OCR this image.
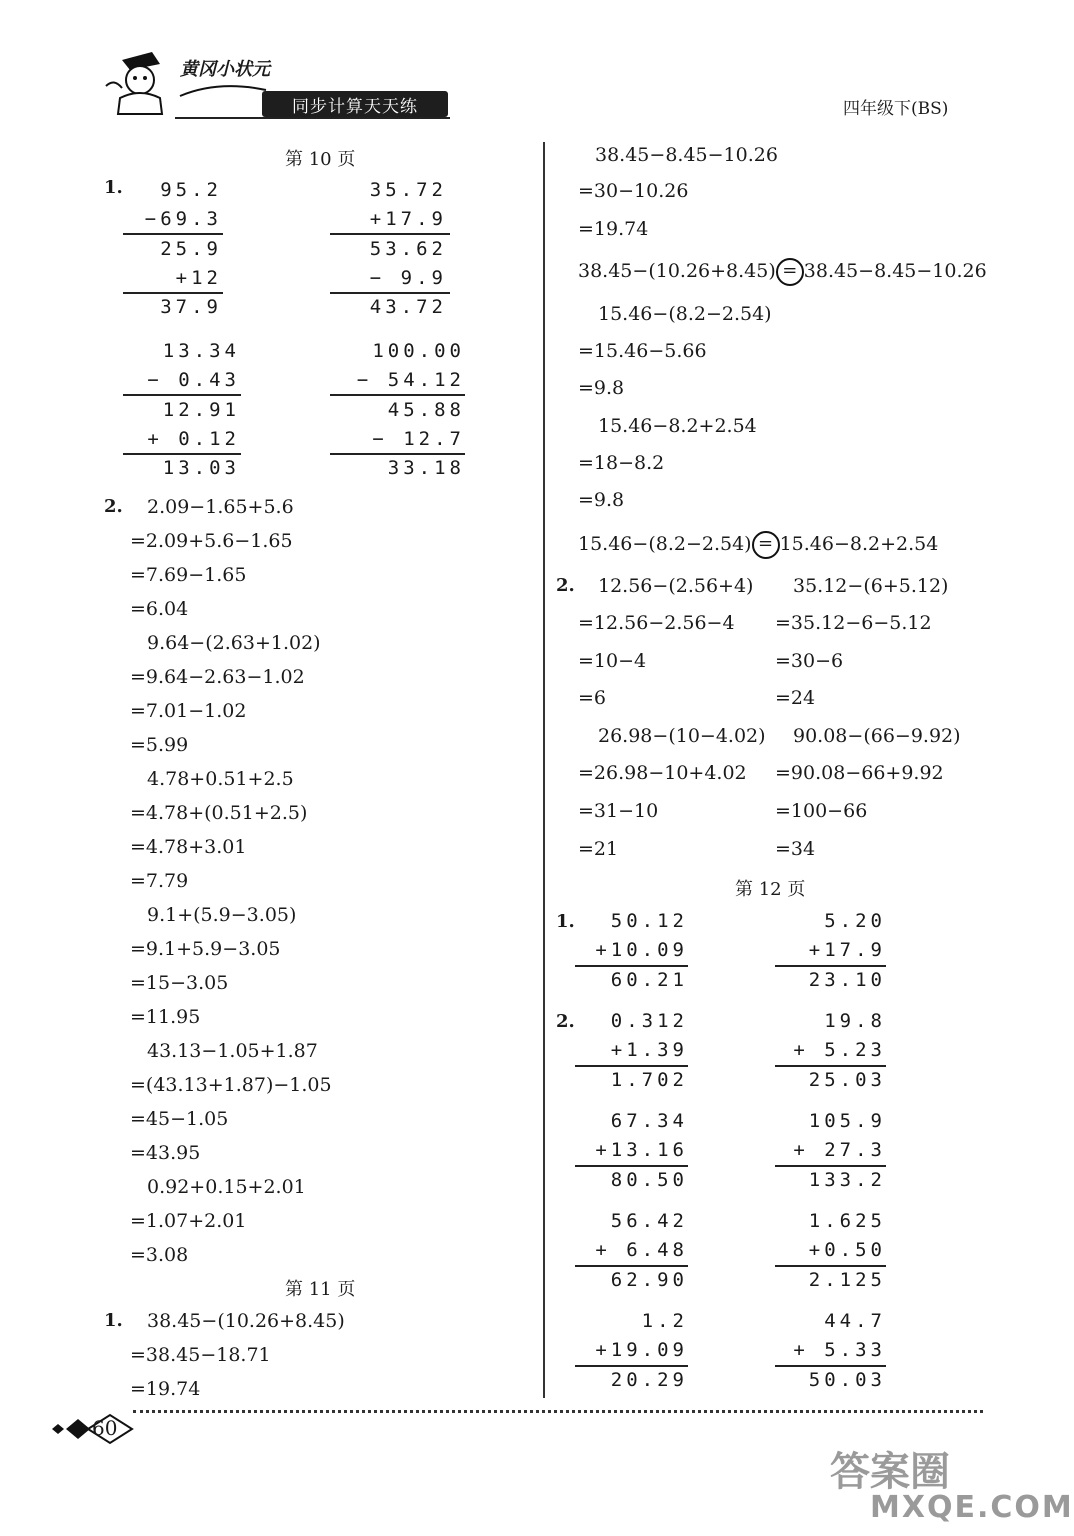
黄冈小状元
同步计算天天练	四年级下(BS)
第 10 页
1.	95.2
−69.3
25.9
+12
37.9
35.72
+17.9
53.62
− 9.9
43.72
13.34
− 0.43
12.91
+ 0.12
13.03
100.00
− 54.12
45.88
− 12.7
33.18
2. 2.09−1.65+5.6
=2.09+5.6−1.65
=7.69−1.65
=6.04
9.64−(2.63+1.02)
=9.64−2.63−1.02
=7.01−1.02
=5.99
4.78+0.51+2.5
=4.78+(0.51+2.5)
=4.78+3.01
=7.79
9.1+(5.9−3.05)
=9.1+5.9−3.05
=15−3.05
=11.95
43.13−1.05+1.87
=(43.13+1.87)−1.05
=45−1.05
=43.95
0.92+0.15+2.01
=1.07+2.01
=3.08
第 11 页
1. 38.45−(10.26+8.45)
=38.45−18.71
=19.74
38.45−8.45−10.26
=30−10.26
=19.74
38.45−(10.26+8.45) = 38.45−8.45−10.26
15.46−(8.2−2.54)
=15.46−5.66
=9.8
15.46−8.2+2.54
=18−8.2
=9.8
15.46−(8.2−2.54) = 15.46−8.2+2.54
2. 12.56−(2.56+4)
=12.56−2.56−4
=10−4
=6
26.98−(10−4.02)
=26.98−10+4.02
=31−10
=21
35.12−(6+5.12)
=35.12−6−5.12
=30−6
=24
90.08−(66−9.92)
=90.08−66+9.92
=100−66
=34
第 12 页
1.
2.
50.12
+10.09
60.21
5.20
+17.9
23.10
0.312
+1.39
1.702
19.8
+ 5.23
25.03
67.34
+13.16
80.50
105.9
+ 27.3
133.2
56.42
+ 6.48
62.90
1.625
+0.50
2.125
1.2
+19.09
20.29
44.7
+ 5.33
50.03
60
答案圈
MXQE.COM
